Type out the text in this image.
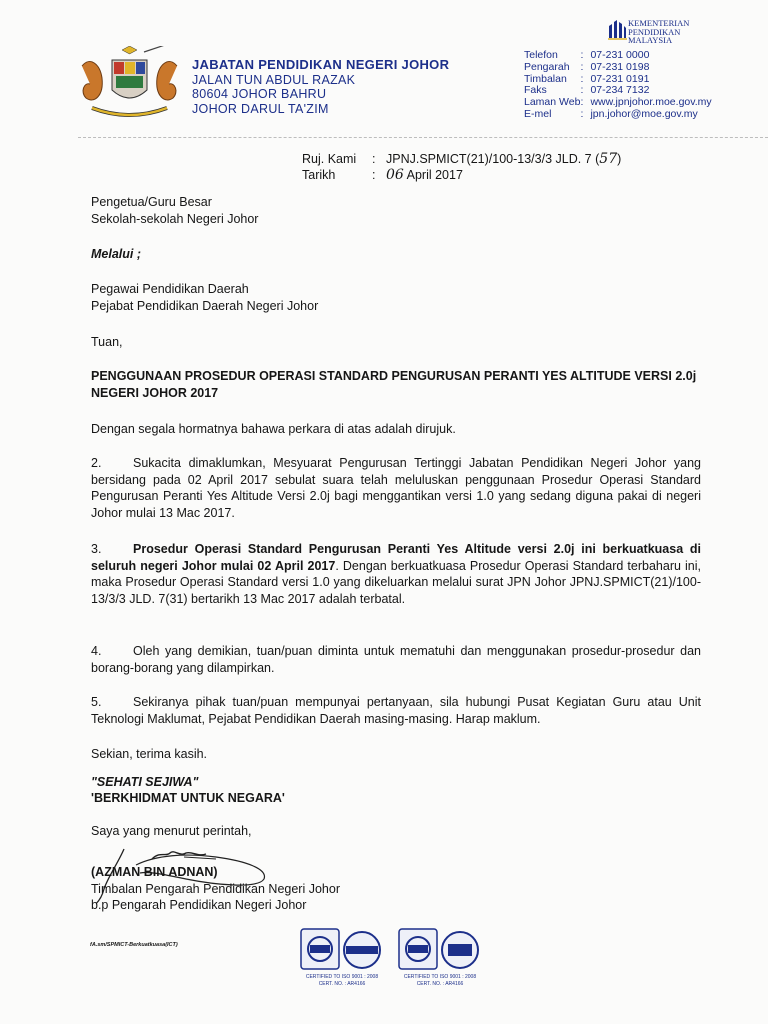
JABATAN PENDIDIKAN NEGERI JOHOR
JALAN TUN ABDUL RAZAK
80604 JOHOR BAHRU
JOHOR DARUL TA'ZIM
KEMENTERIAN
PENDIDIKAN
MALAYSIA
Telefon	:	07-231 0000
Pengarah	:	07-231 0198
Timbalan	:	07-231 0191
Faks	:	07-234 7132
Laman Web	:	www.jpnjohor.moe.gov.my
E-mel	:	jpn.johor@moe.gov.my
Ruj. Kami	:	JPNJ.SPMICT(21)/100-13/3/3 JLD. 7 (57)
Tarikh	:	06 April 2017

Pengetua/Guru Besar

Sekolah-sekolah Negeri Johor

Melalui ;

Pegawai Pendidikan Daerah

Pejabat Pendidikan Daerah Negeri Johor

Tuan,
PENGGUNAAN PROSEDUR OPERASI STANDARD PENGURUSAN PERANTI YES ALTITUDE VERSI 2.0j NEGERI JOHOR 2017
Dengan segala hormatnya bahawa perkara di atas adalah dirujuk.
2.	Sukacita dimaklumkan, Mesyuarat Pengurusan Tertinggi Jabatan Pendidikan Negeri Johor yang bersidang pada 02 April 2017 sebulat suara telah meluluskan penggunaan Prosedur Operasi Standard Pengurusan Peranti Yes Altitude Versi 2.0j bagi menggantikan versi 1.0 yang sedang diguna pakai di negeri Johor mulai 13 Mac 2017.
3.	Prosedur Operasi Standard Pengurusan Peranti Yes Altitude versi 2.0j ini berkuatkuasa di seluruh negeri Johor mulai 02 April 2017. Dengan berkuatkuasa Prosedur Operasi Standard terbaharu ini, maka Prosedur Operasi Standard versi 1.0 yang dikeluarkan melalui surat JPN Johor JPNJ.SPMICT(21)/100-13/3/3 JLD. 7(31) bertarikh 13 Mac 2017 adalah terbatal.
4.	Oleh yang demikian, tuan/puan diminta untuk mematuhi dan menggunakan prosedur-prosedur dan borang-borang yang dilampirkan.
5.	Sekiranya pihak tuan/puan mempunyai pertanyaan, sila hubungi Pusat Kegiatan Guru atau Unit Teknologi Maklumat, Pejabat Pendidikan Daerah masing-masing. Harap maklum.
Sekian, terima kasih.
"SEHATI SEJIWA"
'BERKHIDMAT UNTUK NEGARA'
Saya yang menurut perintah,

(AZMAN BIN ADNAN)

Timbalan Pengarah Pendidikan Negeri Johor

b.p Pengarah Pendidikan Negeri Johor

fA.sm/SPMICT-Berkuatkuasa(ICT)
CERTIFIED TO ISO 9001 : 2008
CERT. NO. : AR4166
CERTIFIED TO ISO 9001 : 2008
CERT. NO. : AR4166
